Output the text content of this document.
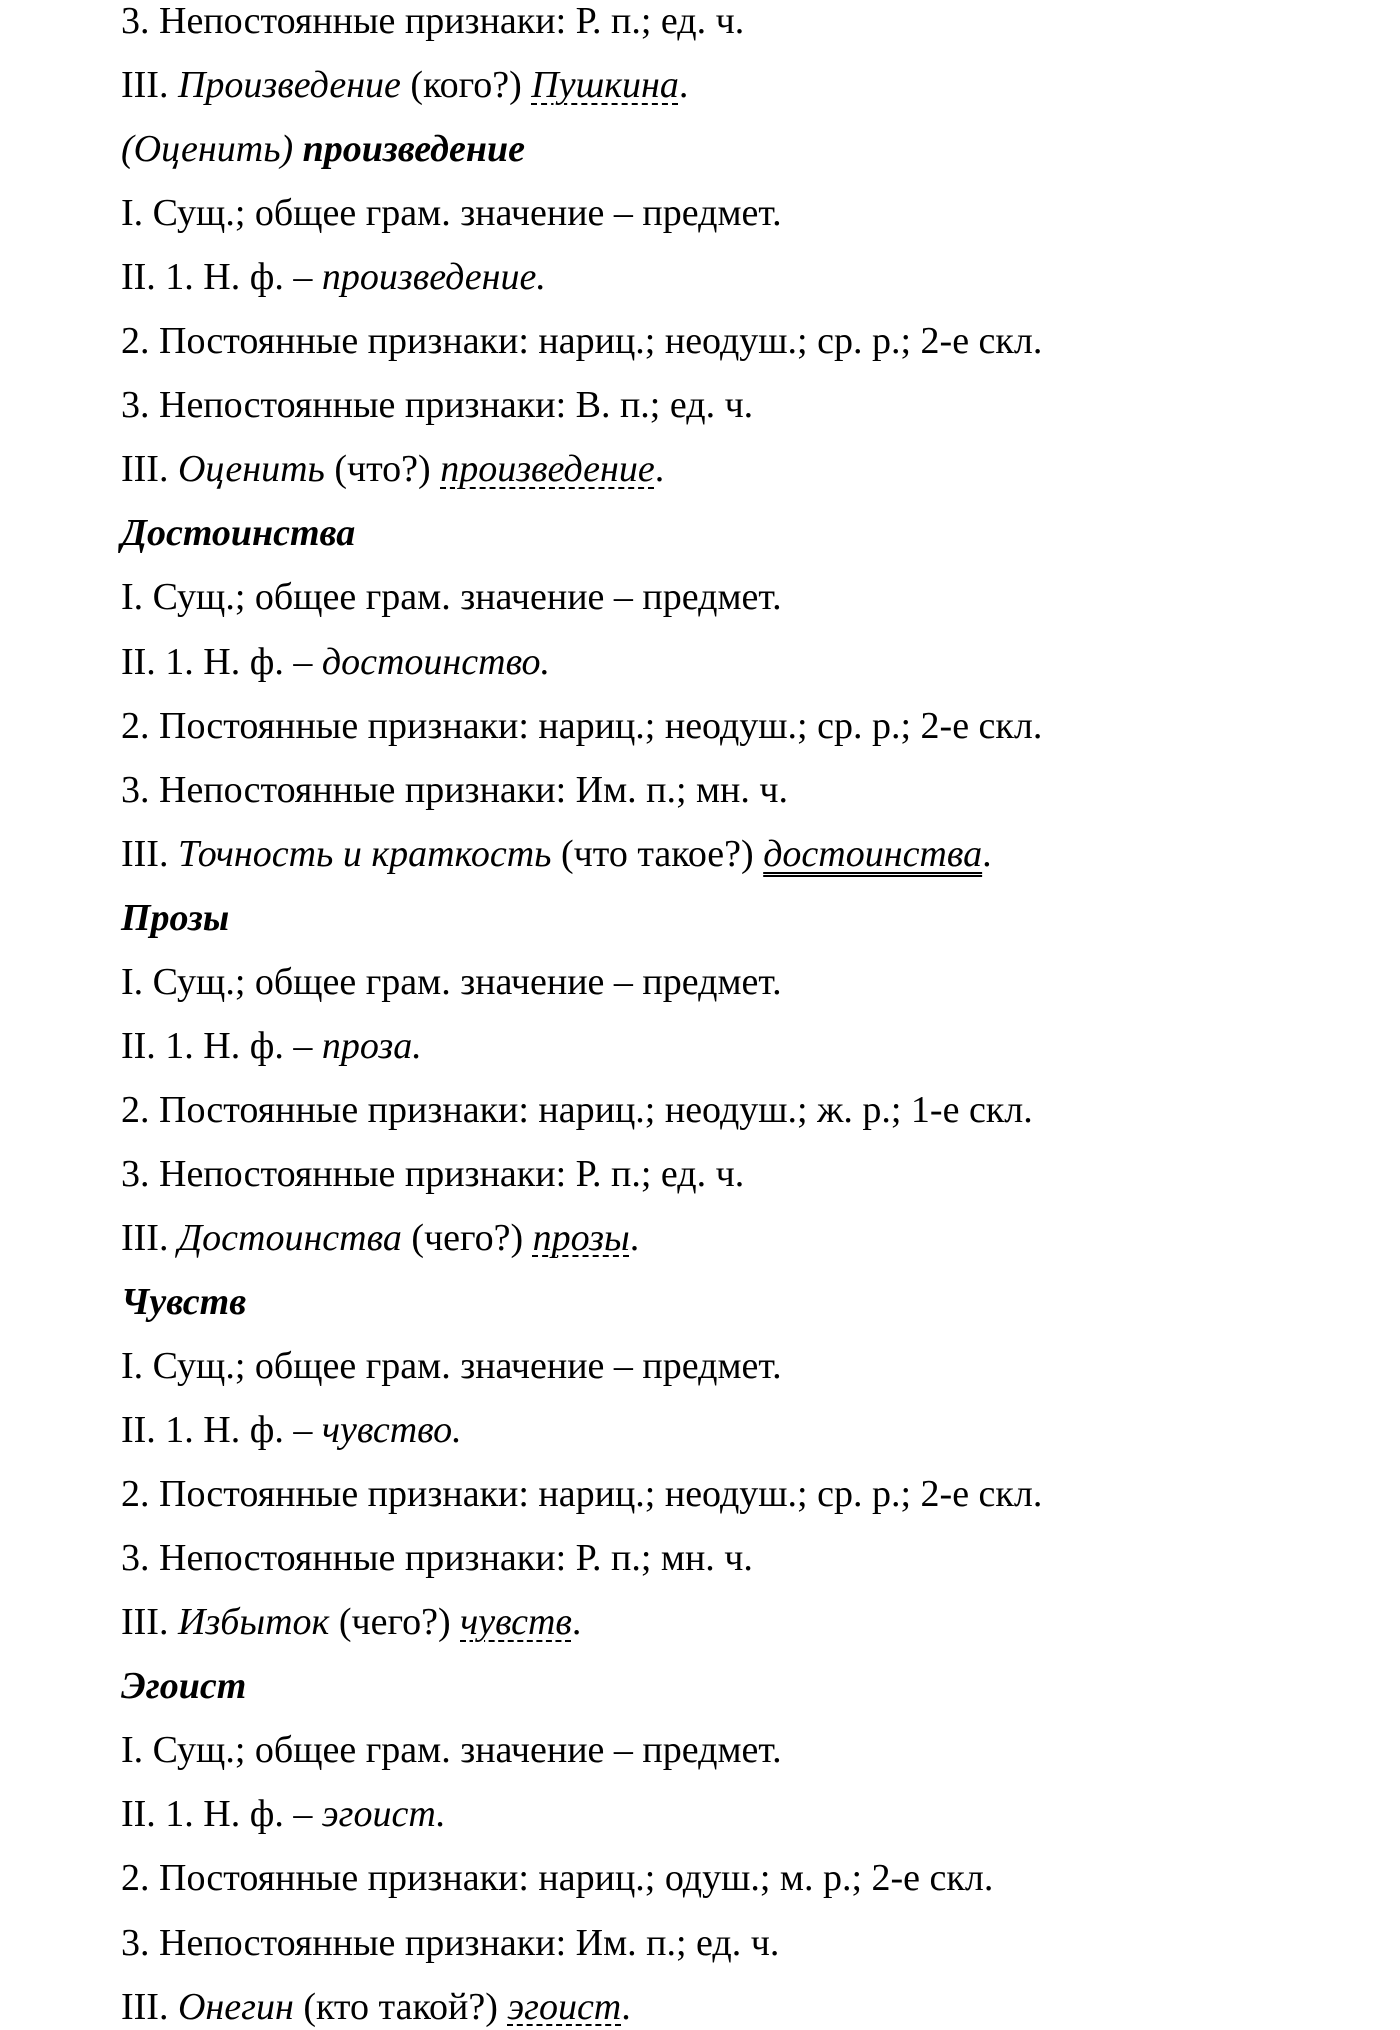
3. Непостоянные признаки: Р. п.; ед. ч.
III. Произведение (кого?) Пушкина.
(Оценить) произведение
I. Сущ.; общее грам. значение – предмет.
II. 1. Н. ф. – произведение.
2. Постоянные признаки: нариц.; неодуш.; ср. р.; 2-е скл.
3. Непостоянные признаки: В. п.; ед. ч.
III. Оценить (что?) произведение.
Достоинства
I. Сущ.; общее грам. значение – предмет.
II. 1. Н. ф. – достоинство.
2. Постоянные признаки: нариц.; неодуш.; ср. р.; 2-е скл.
3. Непостоянные признаки: Им. п.; мн. ч.
III. Точность и краткость (что такое?) достоинства.
Прозы
I. Сущ.; общее грам. значение – предмет.
II. 1. Н. ф. – проза.
2. Постоянные признаки: нариц.; неодуш.; ж. р.; 1-е скл.
3. Непостоянные признаки: Р. п.; ед. ч.
III. Достоинства (чего?) прозы.
Чувств
I. Сущ.; общее грам. значение – предмет.
II. 1. Н. ф. – чувство.
2. Постоянные признаки: нариц.; неодуш.; ср. р.; 2-е скл.
3. Непостоянные признаки: Р. п.; мн. ч.
III. Избыток (чего?) чувств.
Эгоист
I. Сущ.; общее грам. значение – предмет.
II. 1. Н. ф. – эгоист.
2. Постоянные признаки: нариц.; одуш.; м. р.; 2-е скл.
3. Непостоянные признаки: Им. п.; ед. ч.
III. Онегин (кто такой?) эгоист.
